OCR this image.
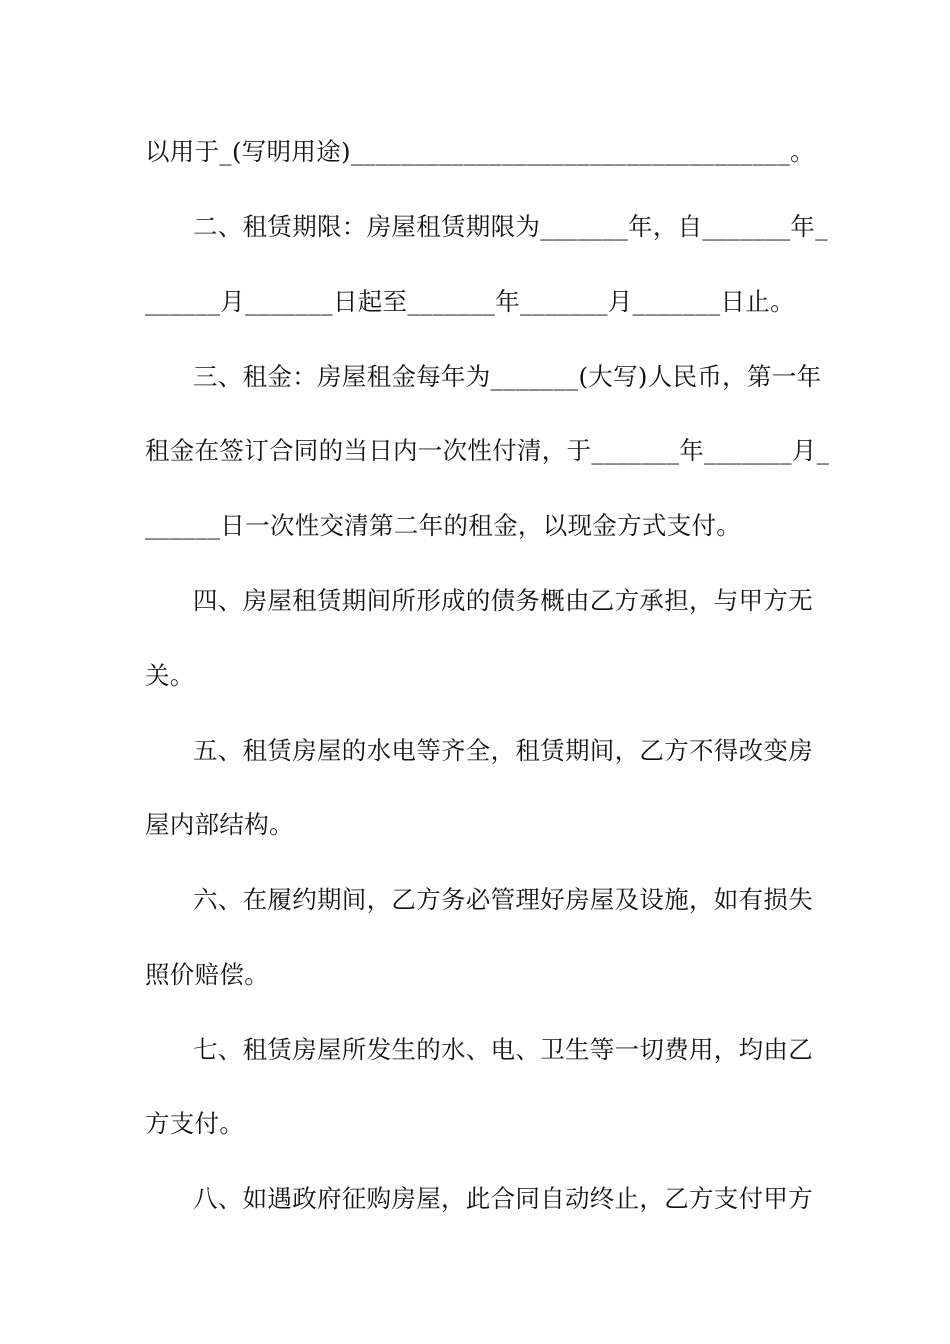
以用于_(写明用途)___________________________________。
二、租赁期限：房屋租赁期限为_______年，自_______年_
______月_______日起至_______年_______月_______日止。
三、租金：房屋租金每年为_______(大写)人民币，第一年
租金在签订合同的当日内一次性付清，于_______年_______月_
______日一次性交清第二年的租金，以现金方式支付。
四、房屋租赁期间所形成的债务概由乙方承担，与甲方无
关。
五、租赁房屋的水电等齐全，租赁期间，乙方不得改变房
屋内部结构。
六、在履约期间，乙方务必管理好房屋及设施，如有损失
照价赔偿。
七、租赁房屋所发生的水、电、卫生等一切费用，均由乙
方支付。
八、如遇政府征购房屋，此合同自动终止，乙方支付甲方
